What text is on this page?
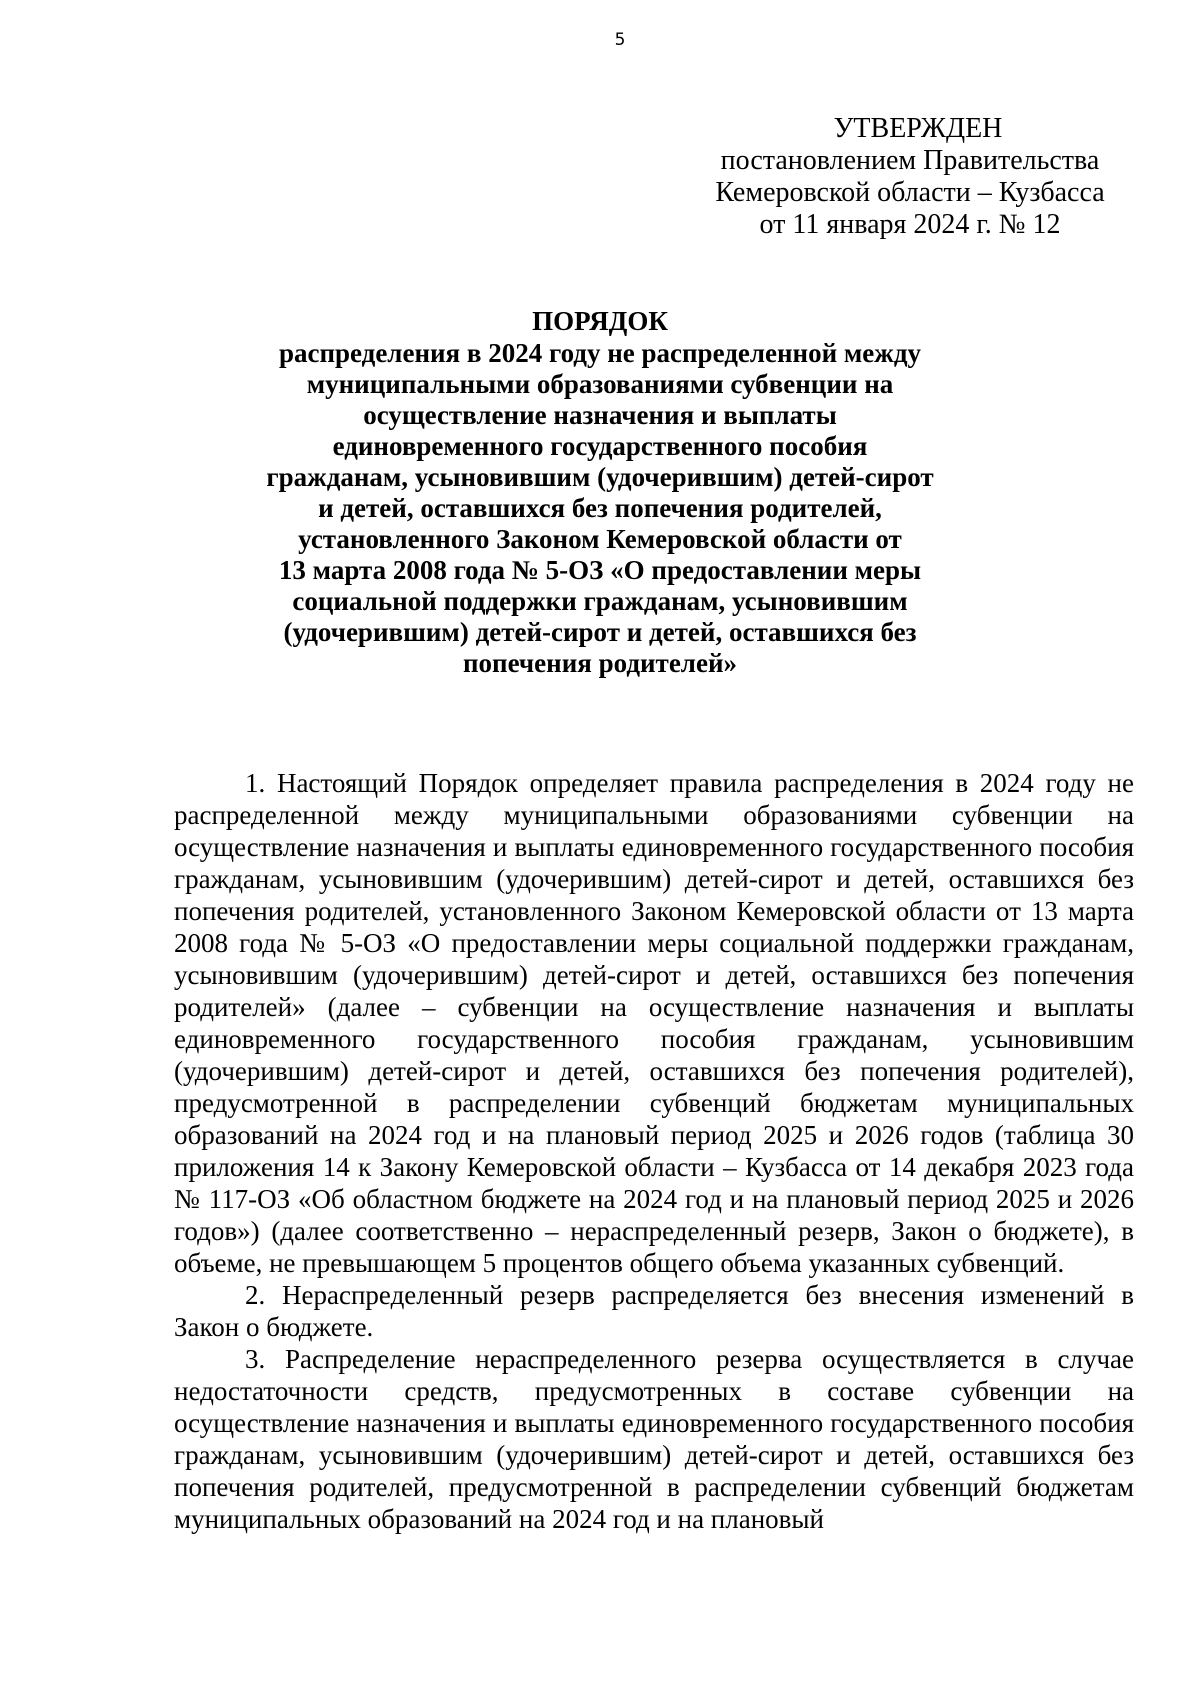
5
УТВЕРЖДЕН
постановлением Правительства
Кемеровской области – Кузбасса
от 11 января 2024 г. № 12
ПОРЯДОК
распределения в 2024 году не распределенной между
муниципальными образованиями субвенции на
осуществление назначения и выплаты
единовременного государственного пособия
гражданам, усыновившим (удочерившим) детей-сирот
и детей, оставшихся без попечения родителей,
установленного Законом Кемеровской области от
13 марта 2008 года № 5-ОЗ «О предоставлении меры
социальной поддержки гражданам, усыновившим
(удочерившим) детей-сирот и детей, оставшихся без
попечения родителей»

1. Настоящий Порядок определяет правила распределения в 2024 году не распределенной между муниципальными образованиями субвенции на осуществление назначения и выплаты единовременного государственного пособия гражданам, усыновившим (удочерившим) детей-сирот и детей, оставшихся без попечения родителей, установленного Законом Кемеровской области от 13 марта 2008 года № 5-ОЗ «О предоставлении меры социальной поддержки гражданам, усыновившим (удочерившим) детей-сирот и детей, оставшихся без попечения родителей» (далее – субвенции на осуществление назначения и выплаты единовременного государственного пособия гражданам, усыновившим (удочерившим) детей-сирот и детей, оставшихся без попечения родителей), предусмотренной в распределении субвенций бюджетам муниципальных образований на 2024 год и на плановый период 2025 и 2026 годов (таблица 30 приложения 14 к Закону Кемеровской области – Кузбасса от 14 декабря 2023 года № 117-ОЗ «Об областном бюджете на 2024 год и на плановый период 2025 и 2026 годов») (далее соответственно – нераспределенный резерв, Закон о бюджете), в объеме, не превышающем 5 процентов общего объема указанных субвенций.

2. Нераспределенный резерв распределяется без внесения изменений в Закон о бюджете.

3. Распределение нераспределенного резерва осуществляется в случае недостаточности средств, предусмотренных в составе субвенции на осуществление назначения и выплаты единовременного государственного пособия гражданам, усыновившим (удочерившим) детей-сирот и детей, оставшихся без попечения родителей, предусмотренной в распределении субвенций бюджетам муниципальных образований на 2024 год и на плановый
